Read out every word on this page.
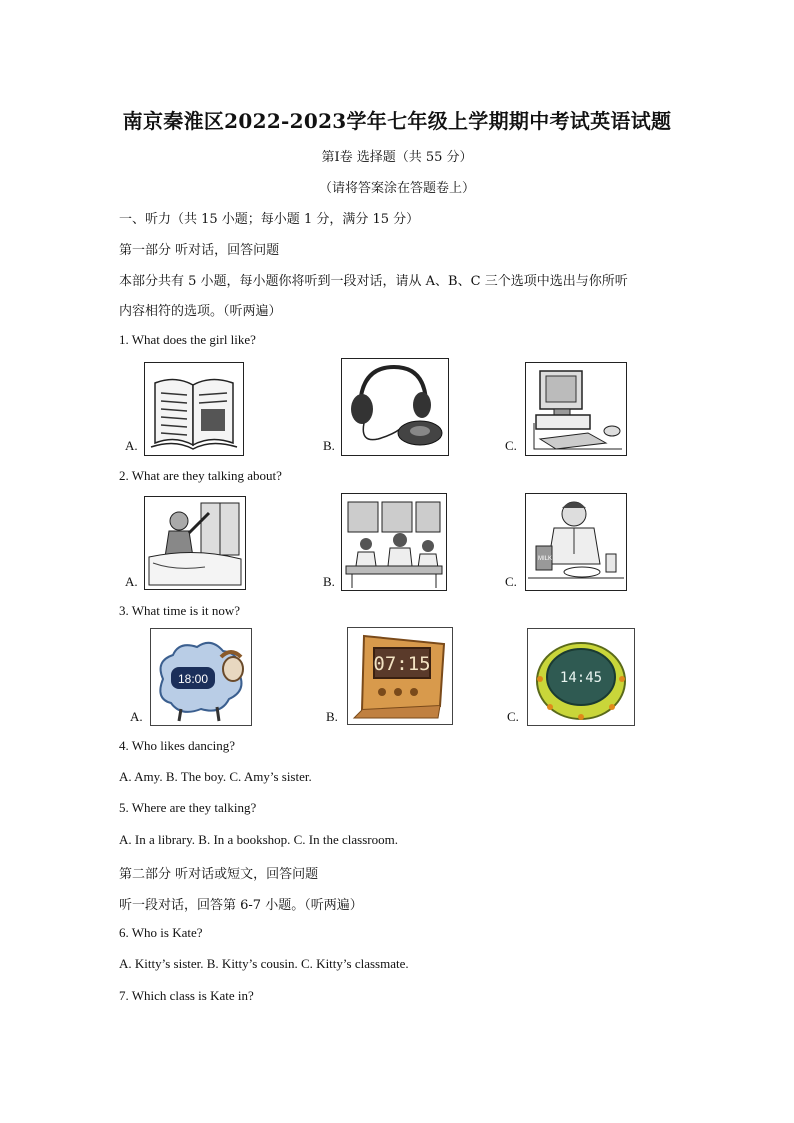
南京秦淮区2022-2023学年七年级上学期期中考试英语试题
第Ⅰ卷 选择题（共 55 分）
（请将答案涂在答题卷上）
一、听力（共 15 小题；每小题 1 分，满分 15 分）
第一部分 听对话，回答问题
本部分共有 5 小题，每小题你将听到一段对话，请从 A、B、C 三个选项中选出与你所听
内容相符的选项。（听两遍）
1. What does the girl like?
A.	B.	C.
2. What are they talking about?
A.	B.	C.
MILK
3. What time is it now?
A.
18:00
B.
07:15
C.
14:45
4. Who likes dancing?
A. Amy. B. The boy. C. Amy’s sister.
5. Where are they talking?
A. In a library. B. In a bookshop. C. In the classroom.
第二部分 听对话或短文，回答问题
听一段对话，回答第 6-7 小题。（听两遍）
6. Who is Kate?
A. Kitty’s sister. B. Kitty’s cousin. C. Kitty’s classmate.
7. Which class is Kate in?
